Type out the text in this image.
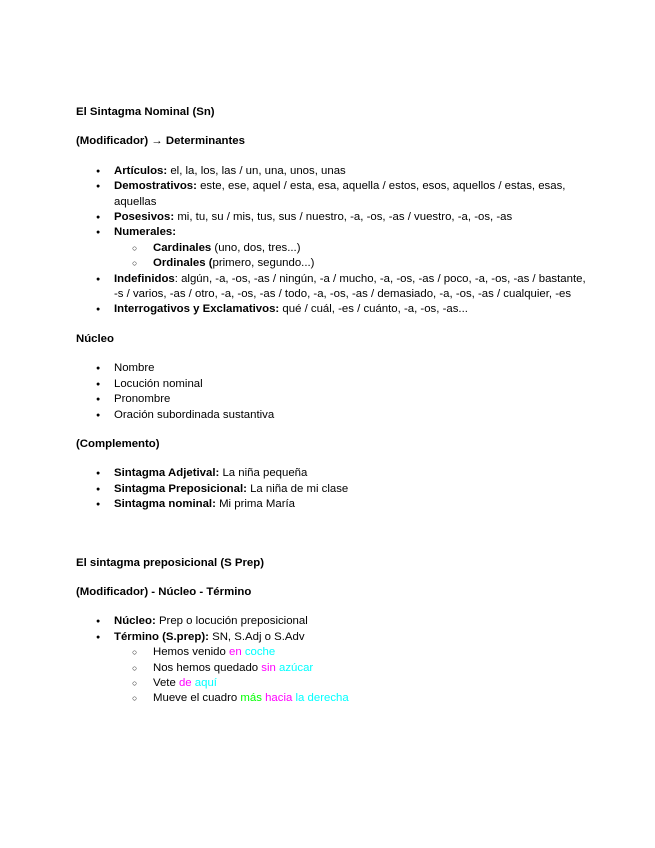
El Sintagma Nominal (Sn)

(Modificador) → Determinantes

● Artículos: el, la, los, las / un, una, unos, unas
● Demostrativos: este, ese, aquel / esta, esa, aquella / estos, esos, aquellos / estas, esas, aquellas
● Posesivos: mi, tu, su / mis, tus, sus / nuestro, -a, -os, -as / vuestro, -a, -os, -as
● Numerales:
○ Cardinales (uno, dos, tres...)
○ Ordinales (primero, segundo...)
● Indefinidos: algún, -a, -os, -as / ningún, -a / mucho, -a, -os, -as / poco, -a, -os, -as / bastante, -s / varios, -as / otro, -a, -os, -as / todo, -a, -os, -as / demasiado, -a, -os, -as / cualquier, -es
● Interrogativos y Exclamativos: qué / cuál, -es / cuánto, -a, -os, -as...

Núcleo

● Nombre
● Locución nominal
● Pronombre
● Oración subordinada sustantiva

(Complemento)

● Sintagma Adjetival: La niña pequeña
● Sintagma Preposicional: La niña de mi clase
● Sintagma nominal: Mi prima María

El sintagma preposicional (S Prep)

(Modificador) - Núcleo - Término

● Núcleo: Prep o locución preposicional
● Término (S.prep): SN, S.Adj o S.Adv
○ Hemos venido en coche
○ Nos hemos quedado sin azúcar
○ Vete de aquí
○ Mueve el cuadro más hacia la derecha
